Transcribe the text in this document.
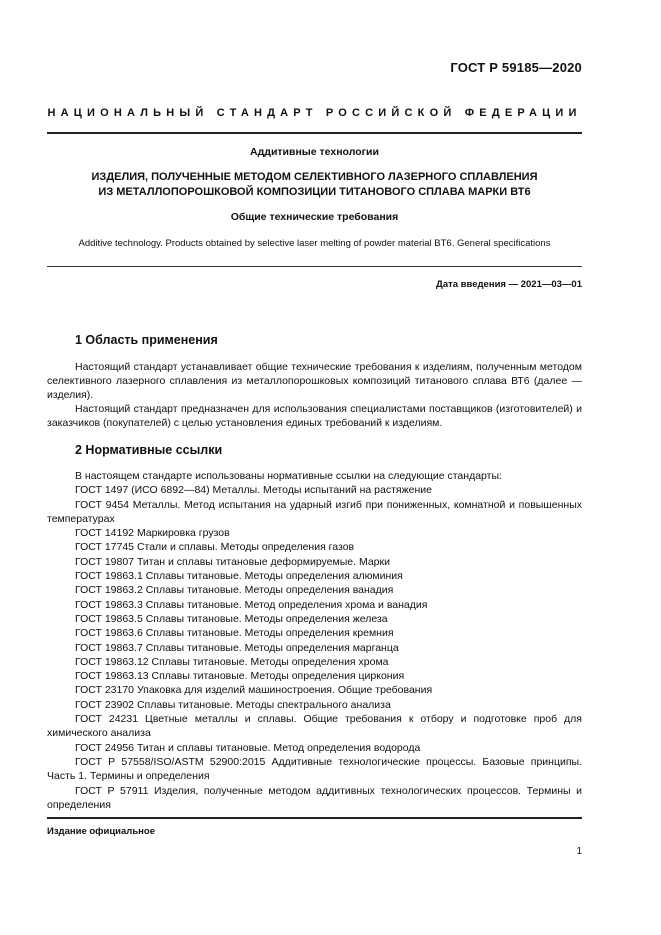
ГОСТ Р 59185—2020
НАЦИОНАЛЬНЫЙ СТАНДАРТ РОССИЙСКОЙ ФЕДЕРАЦИИ
Аддитивные технологии
ИЗДЕЛИЯ, ПОЛУЧЕННЫЕ МЕТОДОМ СЕЛЕКТИВНОГО ЛАЗЕРНОГО СПЛАВЛЕНИЯ
ИЗ МЕТАЛЛОПОРОШКОВОЙ КОМПОЗИЦИИ ТИТАНОВОГО СПЛАВА МАРКИ ВТ6
Общие технические требования
Additive technology. Products obtained by selective laser melting of powder material BT6. General specifications
Дата введения — 2021—03—01
1 Область применения

Настоящий стандарт устанавливает общие технические требования к изделиям, полученным методом селективного лазерного сплавления из металлопорошковых композиций титанового сплава ВТ6 (далее — изделия).

Настоящий стандарт предназначен для использования специалистами поставщиков (изготовителей) и заказчиков (покупателей) с целью установления единых требований к изделиям.

2 Нормативные ссылки

В настоящем стандарте использованы нормативные ссылки на следующие стандарты:

ГОСТ 1497 (ИСО 6892—84) Металлы. Методы испытаний на растяжение

ГОСТ 9454 Металлы. Метод испытания на ударный изгиб при пониженных, комнатной и повышенных температурах

ГОСТ 14192 Маркировка грузов

ГОСТ 17745 Стали и сплавы. Методы определения газов

ГОСТ 19807 Титан и сплавы титановые деформируемые. Марки

ГОСТ 19863.1 Сплавы титановые. Методы определения алюминия

ГОСТ 19863.2 Сплавы титановые. Методы определения ванадия

ГОСТ 19863.3 Сплавы титановые. Метод определения хрома и ванадия

ГОСТ 19863.5 Сплавы титановые. Методы определения железа

ГОСТ 19863.6 Сплавы титановые. Методы определения кремния

ГОСТ 19863.7 Сплавы титановые. Методы определения марганца

ГОСТ 19863.12 Сплавы титановые. Методы определения хрома

ГОСТ 19863.13 Сплавы титановые. Методы определения циркония

ГОСТ 23170 Упаковка для изделий машиностроения. Общие требования

ГОСТ 23902 Сплавы титановые. Методы спектрального анализа

ГОСТ 24231 Цветные металлы и сплавы. Общие требования к отбору и подготовке проб для химического анализа

ГОСТ 24956 Титан и сплавы титановые. Метод определения водорода

ГОСТ Р 57558/ISO/ASTM 52900:2015 Аддитивные технологические процессы. Базовые принципы. Часть 1. Термины и определения

ГОСТ Р 57911 Изделия, полученные методом аддитивных технологических процессов. Термины и определения

Издание официальное
1
